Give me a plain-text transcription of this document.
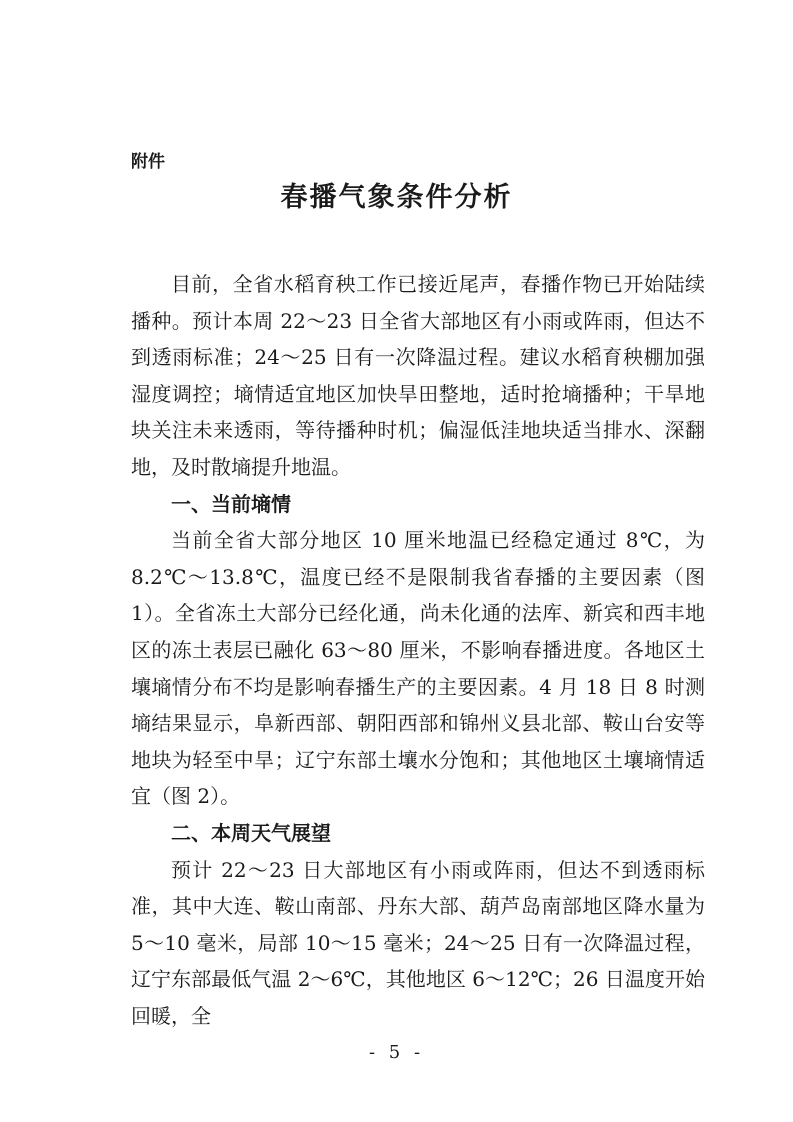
附件
春播气象条件分析

目前，全省水稻育秧工作已接近尾声，春播作物已开始陆续播种。预计本周 22～23 日全省大部地区有小雨或阵雨，但达不到透雨标准；24～25 日有一次降温过程。建议水稻育秧棚加强湿度调控；墒情适宜地区加快旱田整地，适时抢墒播种；干旱地块关注未来透雨，等待播种时机；偏湿低洼地块适当排水、深翻地，及时散墒提升地温。

一、当前墒情

当前全省大部分地区 10 厘米地温已经稳定通过 8℃，为 8.2℃～13.8℃，温度已经不是限制我省春播的主要因素（图 1）。全省冻土大部分已经化通，尚未化通的法库、新宾和西丰地区的冻土表层已融化 63～80 厘米，不影响春播进度。各地区土壤墒情分布不均是影响春播生产的主要因素。4 月 18 日 8 时测墒结果显示，阜新西部、朝阳西部和锦州义县北部、鞍山台安等地块为轻至中旱；辽宁东部土壤水分饱和；其他地区土壤墒情适宜（图 2）。

二、本周天气展望

预计 22～23 日大部地区有小雨或阵雨，但达不到透雨标准，其中大连、鞍山南部、丹东大部、葫芦岛南部地区降水量为 5～10 毫米，局部 10～15 毫米；24～25 日有一次降温过程，辽宁东部最低气温 2～6℃，其他地区 6～12℃；26 日温度开始回暖，全

- 5 -
